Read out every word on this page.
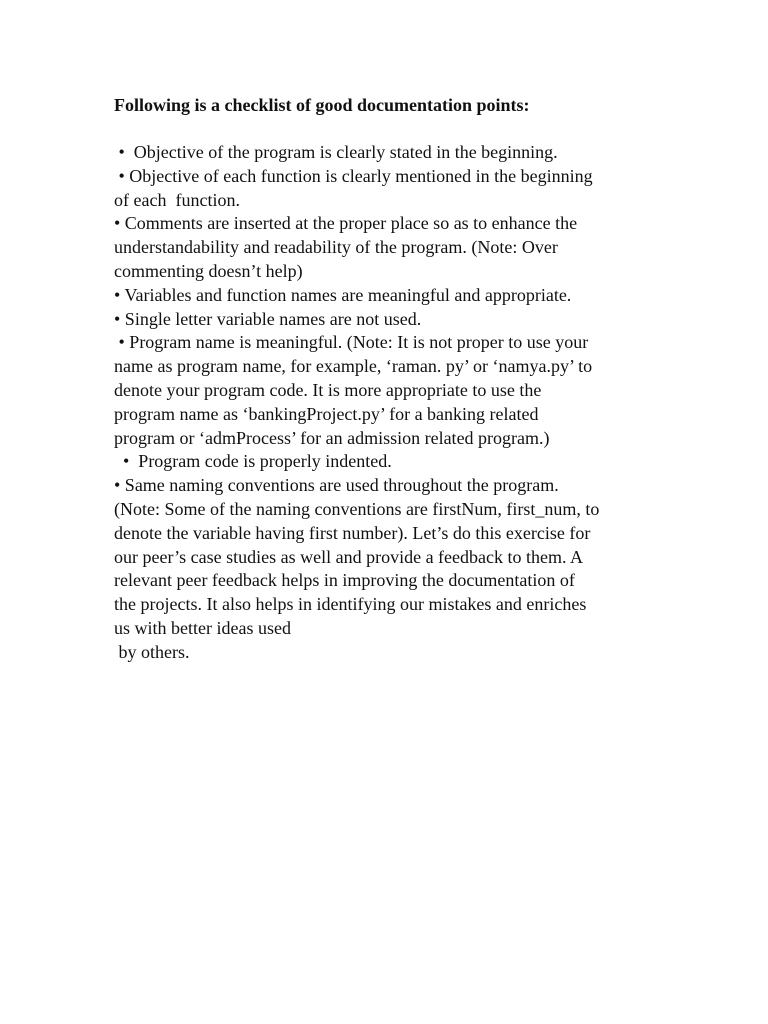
Following is a checklist of good documentation points:
•  Objective of the program is clearly stated in the beginning.
• Objective of each function is clearly mentioned in the beginning
of each  function.
• Comments are inserted at the proper place so as to enhance the
understandability and readability of the program. (Note: Over
commenting doesn’t help)
• Variables and function names are meaningful and appropriate.
• Single letter variable names are not used.
• Program name is meaningful. (Note: It is not proper to use your
name as program name, for example, ‘raman. py’ or ‘namya.py’ to
denote your program code. It is more appropriate to use the
program name as ‘bankingProject.py’ for a banking related
program or ‘admProcess’ for an admission related program.)
•  Program code is properly indented.
• Same naming conventions are used throughout the program.
(Note: Some of the naming conventions are firstNum, first_num, to
denote the variable having first number). Let’s do this exercise for
our peer’s case studies as well and provide a feedback to them. A
relevant peer feedback helps in improving the documentation of
the projects. It also helps in identifying our mistakes and enriches
us with better ideas used
by others.
